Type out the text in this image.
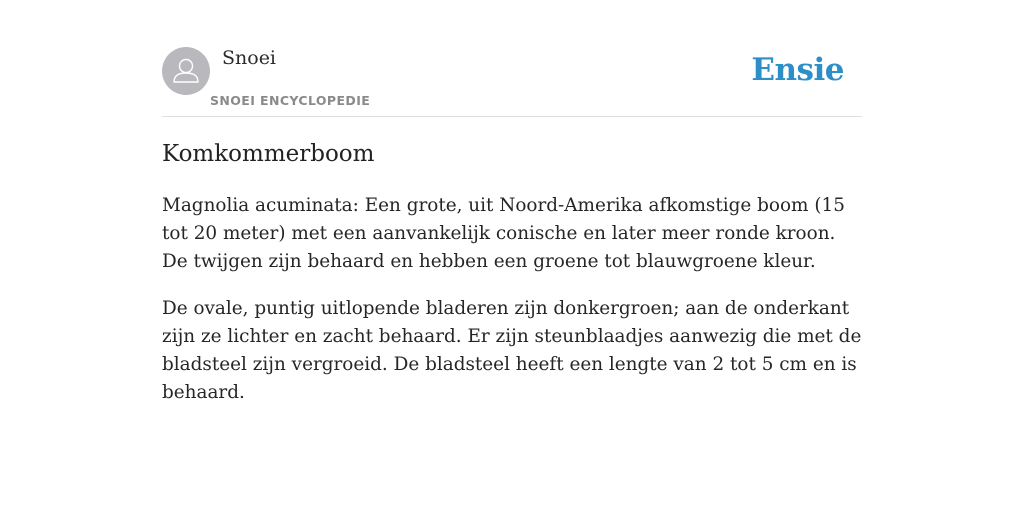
Snoei
SNOEI ENCYCLOPEDIE
Ensie
Komkommerboom

Magnolia acuminata: Een grote, uit Noord-Amerika afkomstige boom (15 tot 20 meter) met een aanvankelijk conische en later meer ronde kroon. De twijgen zijn behaard en hebben een groene tot blauwgroene kleur.

De ovale, puntig uitlopende bladeren zijn donkergroen; aan de onderkant zijn ze lichter en zacht behaard. Er zijn steunblaadjes aanwezig die met de bladsteel zijn vergroeid. De bladsteel heeft een lengte van 2 tot 5 cm en is behaard.
